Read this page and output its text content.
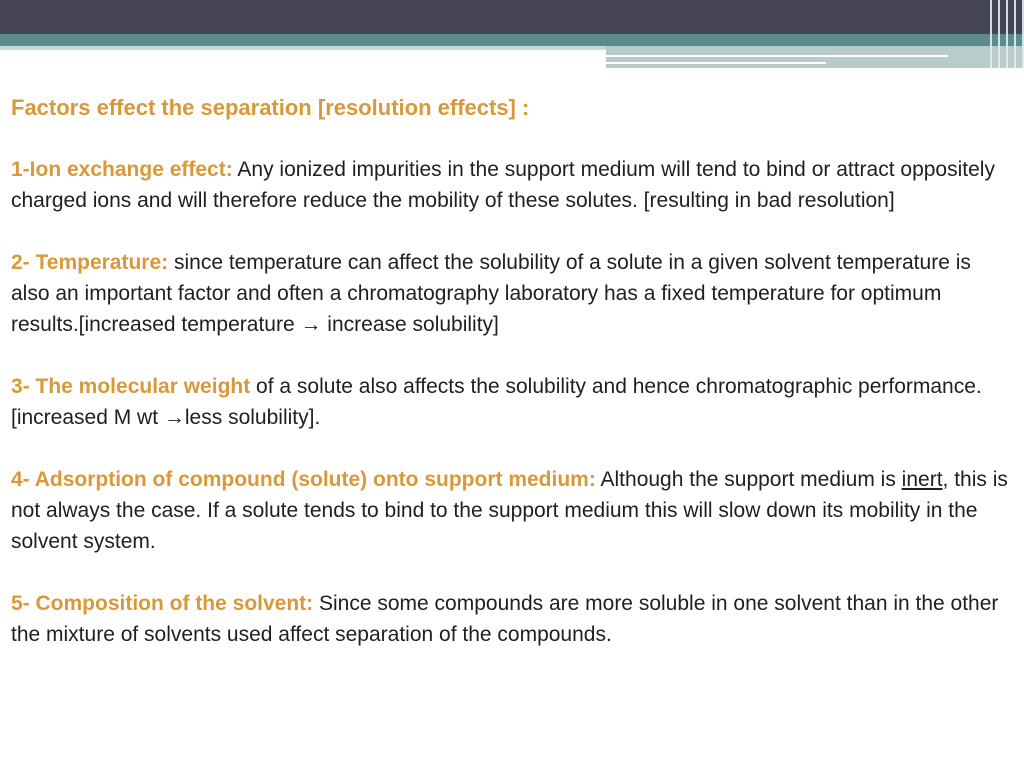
Factors effect the separation [resolution effects] :
1-Ion exchange effect: Any ionized impurities in the support medium will tend to bind or attract oppositely charged ions and will therefore reduce the mobility of these solutes. [resulting in bad resolution]
2- Temperature: since temperature can affect the solubility of a solute in a given solvent temperature is also an important factor and often a chromatography laboratory has a fixed temperature for optimum results.[increased temperature → increase solubility]
3- The molecular weight of a solute also affects the solubility and hence chromatographic performance.[increased M wt →less solubility].
4- Adsorption of compound (solute) onto support medium: Although the support medium is inert, this is not always the case. If a solute tends to bind to the support medium this will slow down its mobility in the solvent system.
5- Composition of the solvent: Since some compounds are more soluble in one solvent than in the other the mixture of solvents used affect separation of the compounds.
